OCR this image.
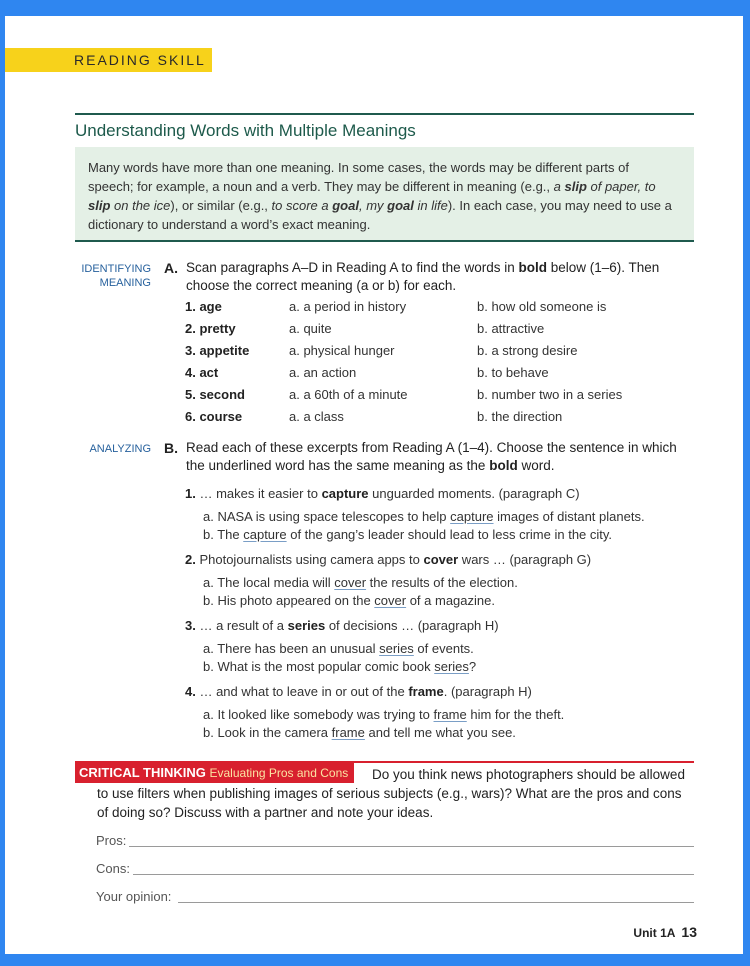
READING SKILL
Understanding Words with Multiple Meanings
Many words have more than one meaning. In some cases, the words may be different parts of speech; for example, a noun and a verb. They may be different in meaning (e.g., a slip of paper, to slip on the ice), or similar (e.g., to score a goal, my goal in life). In each case, you may need to use a dictionary to understand a word’s exact meaning.
IDENTIFYING
MEANING
A. Scan paragraphs A–D in Reading A to find the words in bold below (1–6). Then choose the correct meaning (a or b) for each.
1. age	a. a period in history	b. how old someone is
2. pretty	a. quite	b. attractive
3. appetite	a. physical hunger	b. a strong desire
4. act	a. an action	b. to behave
5. second	a. a 60th of a minute	b. number two in a series
6. course	a. a class	b. the direction
ANALYZING B. Read each of these excerpts from Reading A (1–4). Choose the sentence in which the underlined word has the same meaning as the bold word.
1. … makes it easier to capture unguarded moments. (paragraph C)
a. NASA is using space telescopes to help capture images of distant planets.
b. The capture of the gang’s leader should lead to less crime in the city.
2. Photojournalists using camera apps to cover wars … (paragraph G)
a. The local media will cover the results of the election.
b. His photo appeared on the cover of a magazine.
3. … a result of a series of decisions … (paragraph H)
a. There has been an unusual series of events.
b. What is the most popular comic book series?
4. … and what to leave in or out of the frame. (paragraph H)
a. It looked like somebody was trying to frame him for the theft.
b. Look in the camera frame and tell me what you see.
Do you think news photographers should be allowed to use filters when publishing images of serious subjects (e.g., wars)? What are the pros and cons of doing so? Discuss with a partner and note your ideas.
CRITICAL THINKING Evaluating Pros and Cons
Pros:
Cons:
Your opinion:
Unit 1A 13
